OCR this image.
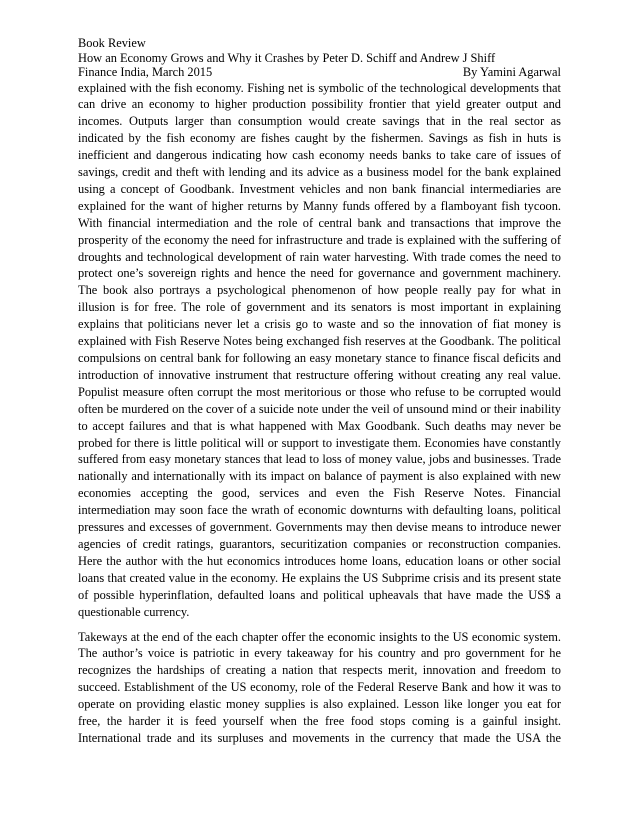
Book Review
How an Economy Grows and Why it Crashes by Peter D. Schiff and Andrew J Shiff
Finance India, March 2015	By Yamini Agarwal

explained with the fish economy. Fishing net is symbolic of the technological developments that can drive an economy to higher production possibility frontier that yield greater output and incomes. Outputs larger than consumption would create savings that in the real sector as indicated by the fish economy are fishes caught by the fishermen. Savings as fish in huts is inefficient and dangerous indicating how cash economy needs banks to take care of issues of savings, credit and theft with lending and its advice as a business model for the bank explained using a concept of Goodbank. Investment vehicles and non bank financial intermediaries are explained for the want of higher returns by Manny funds offered by a flamboyant fish tycoon. With financial intermediation and the role of central bank and transactions that improve the prosperity of the economy the need for infrastructure and trade is explained with the suffering of droughts and technological development of rain water harvesting. With trade comes the need to protect one’s sovereign rights and hence the need for governance and government machinery. The book also portrays a psychological phenomenon of how people really pay for what in illusion is for free. The role of government and its senators is most important in explaining explains that politicians never let a crisis go to waste and so the innovation of fiat money is explained with Fish Reserve Notes being exchanged fish reserves at the Goodbank. The political compulsions on central bank for following an easy monetary stance to finance fiscal deficits and introduction of innovative instrument that restructure offering without creating any real value. Populist measure often corrupt the most meritorious or those who refuse to be corrupted would often be murdered on the cover of a suicide note under the veil of unsound mind or their inability to accept failures and that is what happened with Max Goodbank. Such deaths may never be probed for there is little political will or support to investigate them. Economies have constantly suffered from easy monetary stances that lead to loss of money value, jobs and businesses. Trade nationally and internationally with its impact on balance of payment is also explained with new economies accepting the good, services and even the Fish Reserve Notes. Financial intermediation may soon face the wrath of economic downturns with defaulting loans, political pressures and excesses of government. Governments may then devise means to introduce newer agencies of credit ratings, guarantors, securitization companies or reconstruction companies. Here the author with the hut economics introduces home loans, education loans or other social loans that created value in the economy. He explains the US Subprime crisis and its present state of possible hyperinflation, defaulted loans and political upheavals that have made the US$ a questionable currency.

Takeways at the end of the each chapter offer the economic insights to the US economic system. The author’s voice is patriotic in every takeaway for his country and pro government for he recognizes the hardships of creating a nation that respects merit, innovation and freedom to succeed. Establishment of the US economy, role of the Federal Reserve Bank and how it was to operate on providing elastic money supplies is also explained. Lesson like longer you eat for free, the harder it is feed yourself when the free food stops coming is a gainful insight. International trade and its surpluses and movements in the currency that made the USA the
